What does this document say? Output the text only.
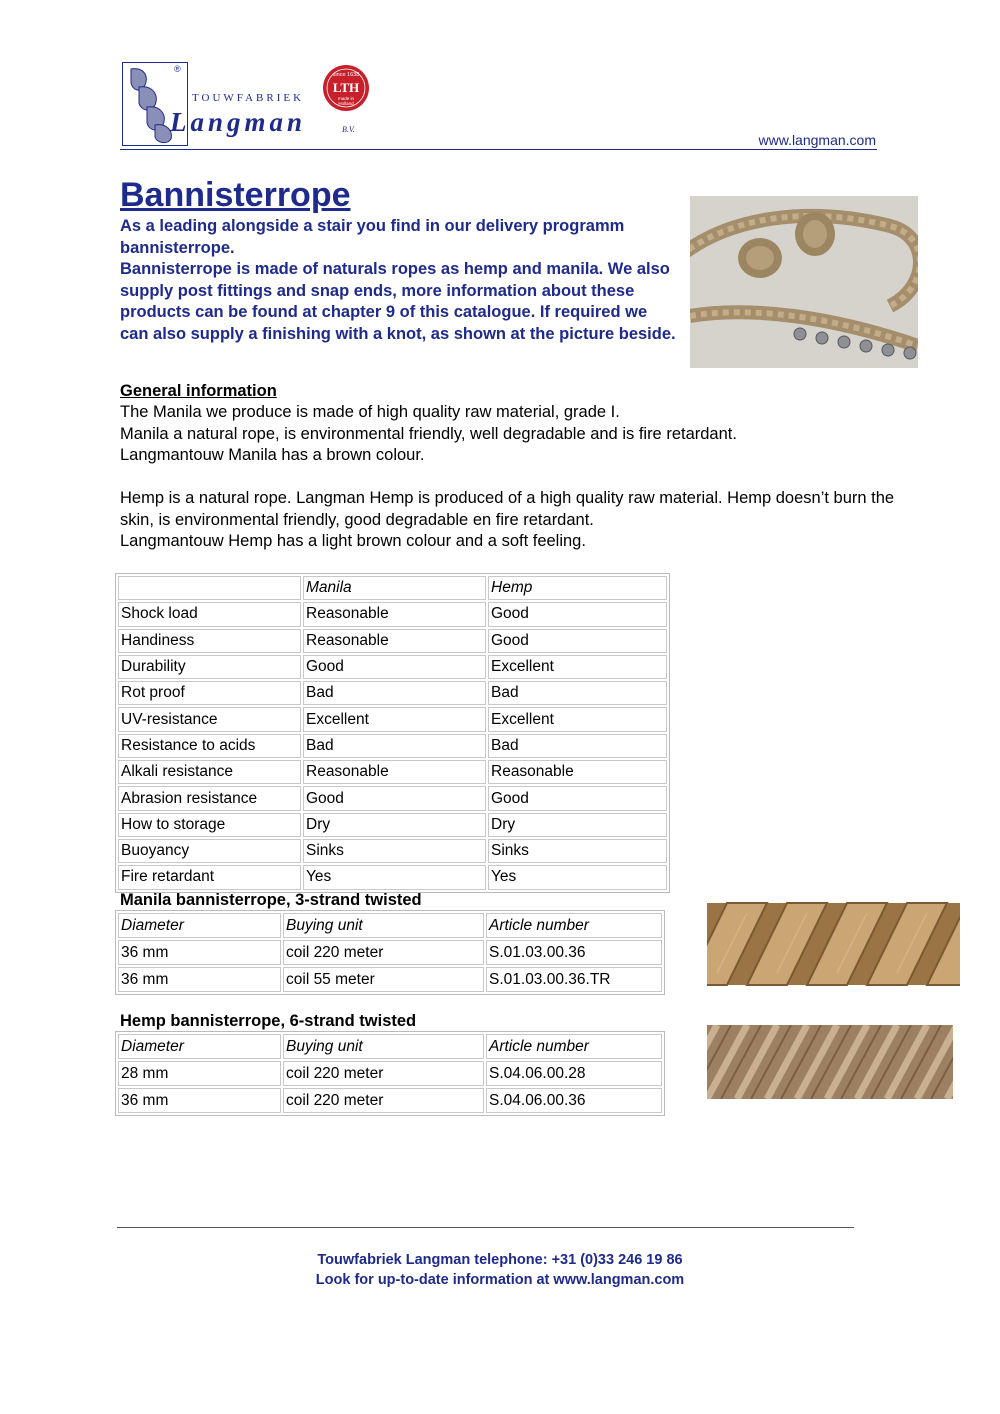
®
TOUWFABRIEK
Langman	B.V.
since 1638
LTH
made in
Holland
www.langman.com
Bannisterrope

As a leading alongside a stair you find in our delivery programm bannisterrope.

Bannisterrope is made of naturals ropes as hemp and manila. We also supply post fittings and snap ends, more information about these products can be found at chapter 9 of this catalogue. If required we can also supply a finishing with a knot, as shown at the picture beside.

General information

The Manila we produce is made of high quality raw material, grade I.

Manila a natural rope, is environmental friendly, well degradable and is fire retardant.

Langmantouw Manila has a brown colour.

Hemp is a natural rope. Langman Hemp is produced of a high quality raw material. Hemp doesn’t burn the skin, is environmental friendly, good degradable en fire retardant.

Langmantouw Hemp has a light brown colour and a soft feeling.

	Manila	Hemp
Shock load	Reasonable	Good
Handiness	Reasonable	Good
Durability	Good	Excellent
Rot proof	Bad	Bad
UV-resistance	Excellent	Excellent
Resistance to acids	Bad	Bad
Alkali resistance	Reasonable	Reasonable
Abrasion resistance	Good	Good
How to storage	Dry	Dry
Buoyancy	Sinks	Sinks
Fire retardant	Yes	Yes
Manila bannisterrope, 3-strand twisted
Diameter	Buying unit	Article number
36 mm	coil 220 meter	S.01.03.00.36
36 mm	coil 55 meter	S.01.03.00.36.TR
Hemp bannisterrope, 6-strand twisted
Diameter	Buying unit	Article number
28 mm	coil 220 meter	S.04.06.00.28
36 mm	coil 220 meter	S.04.06.00.36
Touwfabriek Langman telephone: +31 (0)33 246 19 86
Look for up-to-date information at www.langman.com
